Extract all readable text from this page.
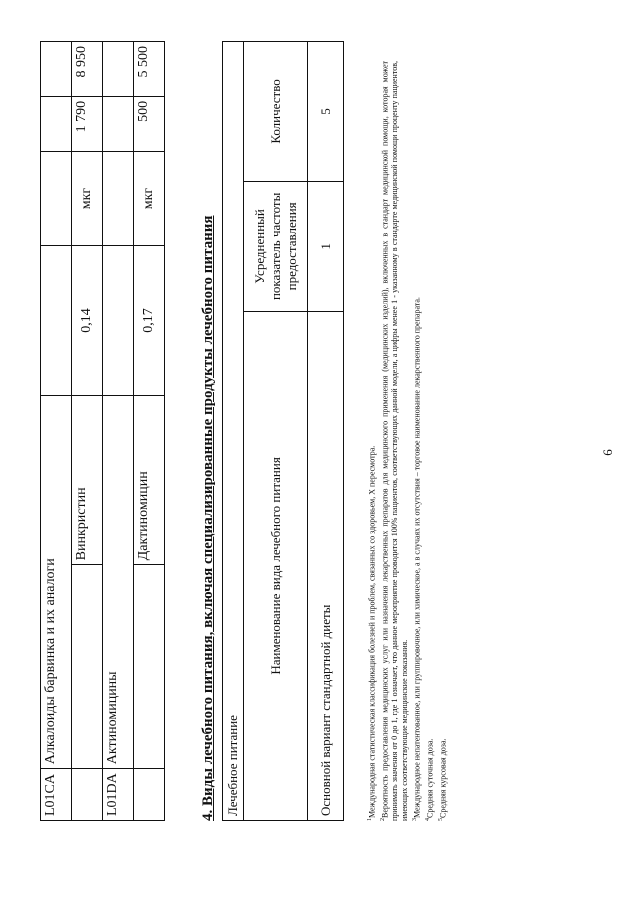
6
L01CA	Алкалоиды барвинка и их аналоги					
		Винкристин	0,14	мкг	1 790	8 950
L01DA	Актиномицины					
		Дактиномицин	0,17	мкг	500	5 500
4. Виды лечебного питания, включая специализированные продукты лечебного питания Лечебное питание		
Наименование вида лечебного питания	Усредненный показатель частоты предоставления	Количество
Основной вариант стандартной диеты	1	5

$^1$Международная статистическая классификация болезней и проблем, связанных со здоровьем, X пересмотра.

$^2$Вероятность предоставления медицинских услуг или назначения лекарственных препаратов для медицинского применения (медицинских изделий), включенных в стандарт медицинской помощи, которая может принимать значения от 0 до 1, где 1 означает, что данное мероприятие проводится 100% пациентов, соответствующих данной модели, а цифры менее 1 - указанному в стандарте медицинской помощи проценту пациентов, имеющих соответствующие медицинские показания. $^3$Международное непатентованное, или группировочное, или химическое, а в случаях их отсутствия – торговое наименование лекарственного препарата.

$^4$Средняя суточная доза.

$^5$Средняя курсовая доза.
